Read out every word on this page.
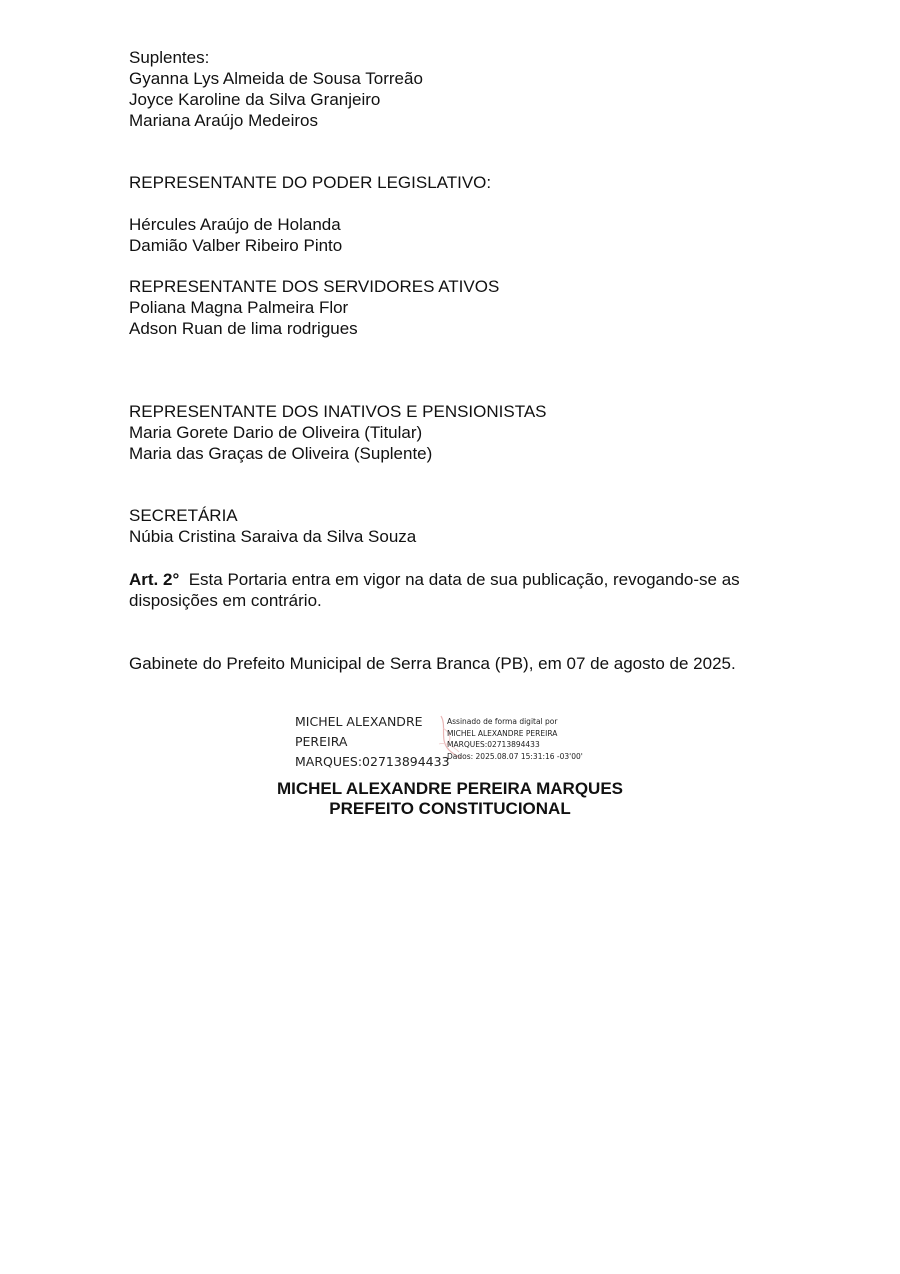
Suplentes:
Gyanna Lys Almeida de Sousa Torreão
Joyce Karoline da Silva Granjeiro
Mariana Araújo Medeiros
REPRESENTANTE DO PODER LEGISLATIVO:
Hércules Araújo de Holanda
Damião Valber Ribeiro Pinto
REPRESENTANTE DOS SERVIDORES ATIVOS
Poliana Magna Palmeira Flor
Adson Ruan de lima rodrigues
REPRESENTANTE DOS INATIVOS E PENSIONISTAS
Maria Gorete Dario de Oliveira (Titular)
Maria das Graças de Oliveira (Suplente)
SECRETÁRIA
Núbia Cristina Saraiva da Silva Souza
Art. 2° Esta Portaria entra em vigor na data de sua publicação, revogando-se as disposições em contrário.
Gabinete do Prefeito Municipal de Serra Branca (PB), em 07 de agosto de 2025.
MICHEL ALEXANDRE
PEREIRA
MARQUES:02713894433
Assinado de forma digital por
MICHEL ALEXANDRE PEREIRA
MARQUES:02713894433
Dados: 2025.08.07 15:31:16 -03'00'
MICHEL ALEXANDRE PEREIRA MARQUES
PREFEITO CONSTITUCIONAL
